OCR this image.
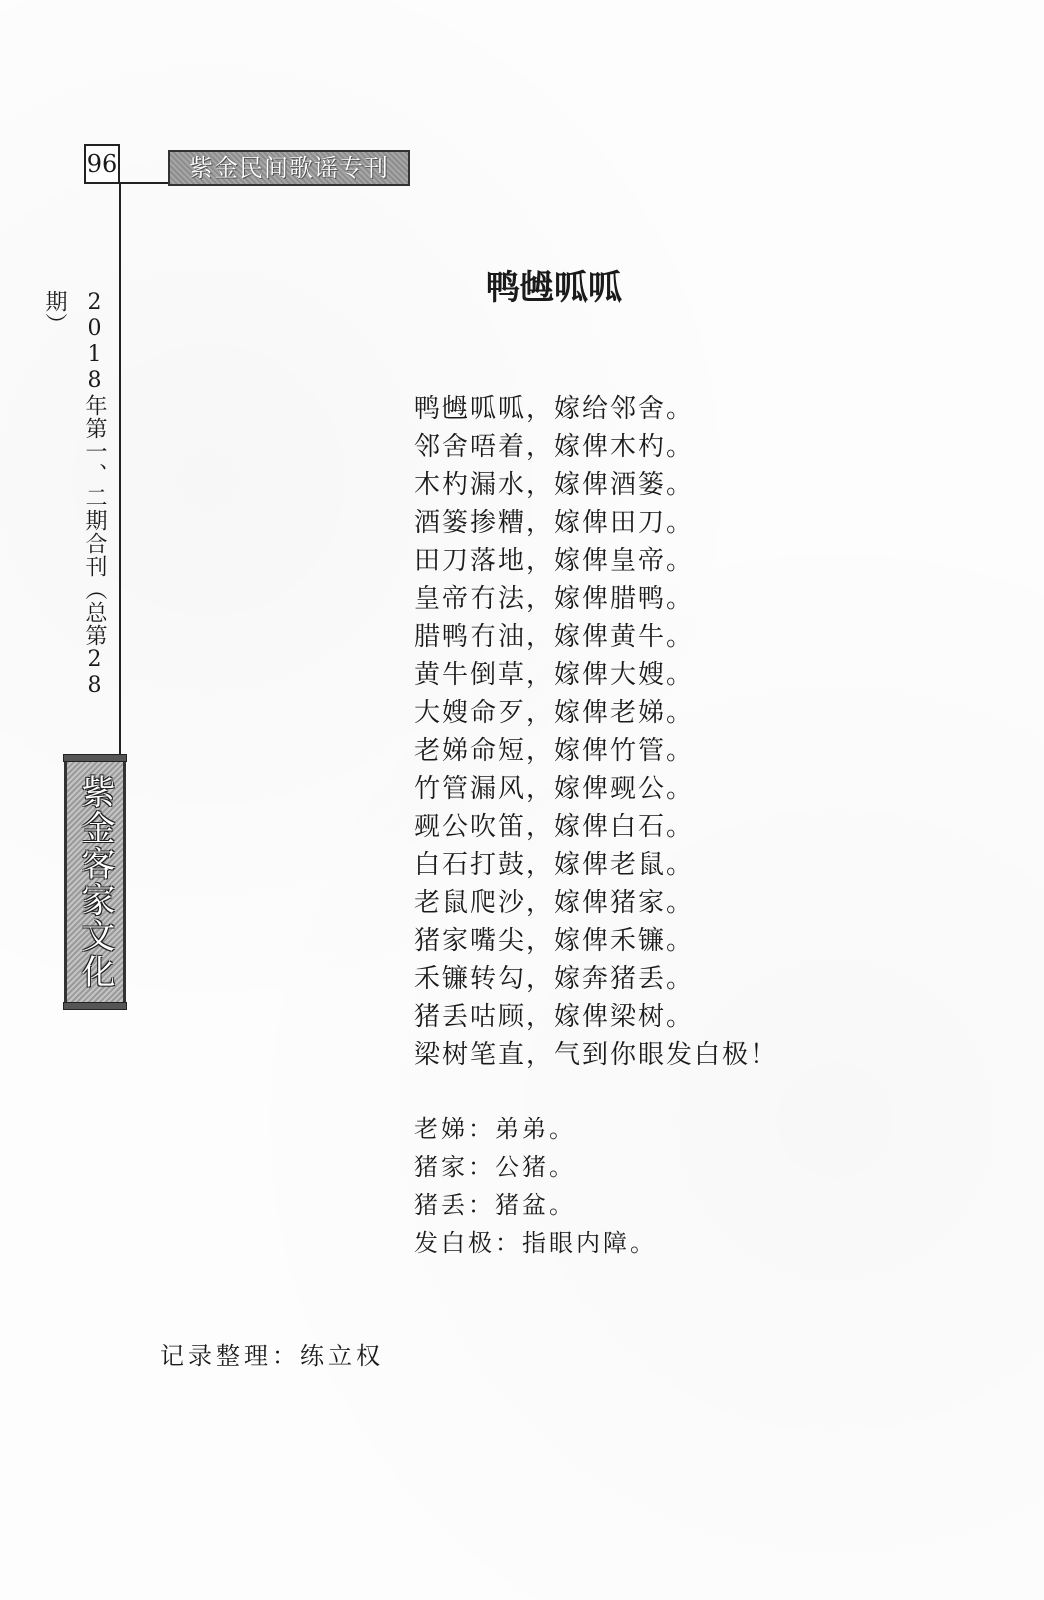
96	紫金民间歌谣专刊
2018年第一、二期合刊（总第28期）
紫金客家文化
鸭乸呱呱
鸭乸呱呱，嫁给邻舍。
邻舍唔着，嫁俾木杓。
木杓漏水，嫁俾酒篓。
酒篓掺糟，嫁俾田刀。
田刀落地，嫁俾皇帝。
皇帝冇法，嫁俾腊鸭。
腊鸭冇油，嫁俾黄牛。
黄牛倒草，嫁俾大嫂。
大嫂命歹，嫁俾老娣。
老娣命短，嫁俾竹管。
竹管漏风，嫁俾觋公。
觋公吹笛，嫁俾白石。
白石打鼓，嫁俾老鼠。
老鼠爬沙，嫁俾猪家。
猪家嘴尖，嫁俾禾镰。
禾镰转勾，嫁奔猪丢。
猪丢咕顾，嫁俾梁树。
梁树笔直，气到你眼发白极！
老娣：弟弟。
猪家：公猪。
猪丢：猪盆。
发白极：指眼内障。
记录整理：练立权
